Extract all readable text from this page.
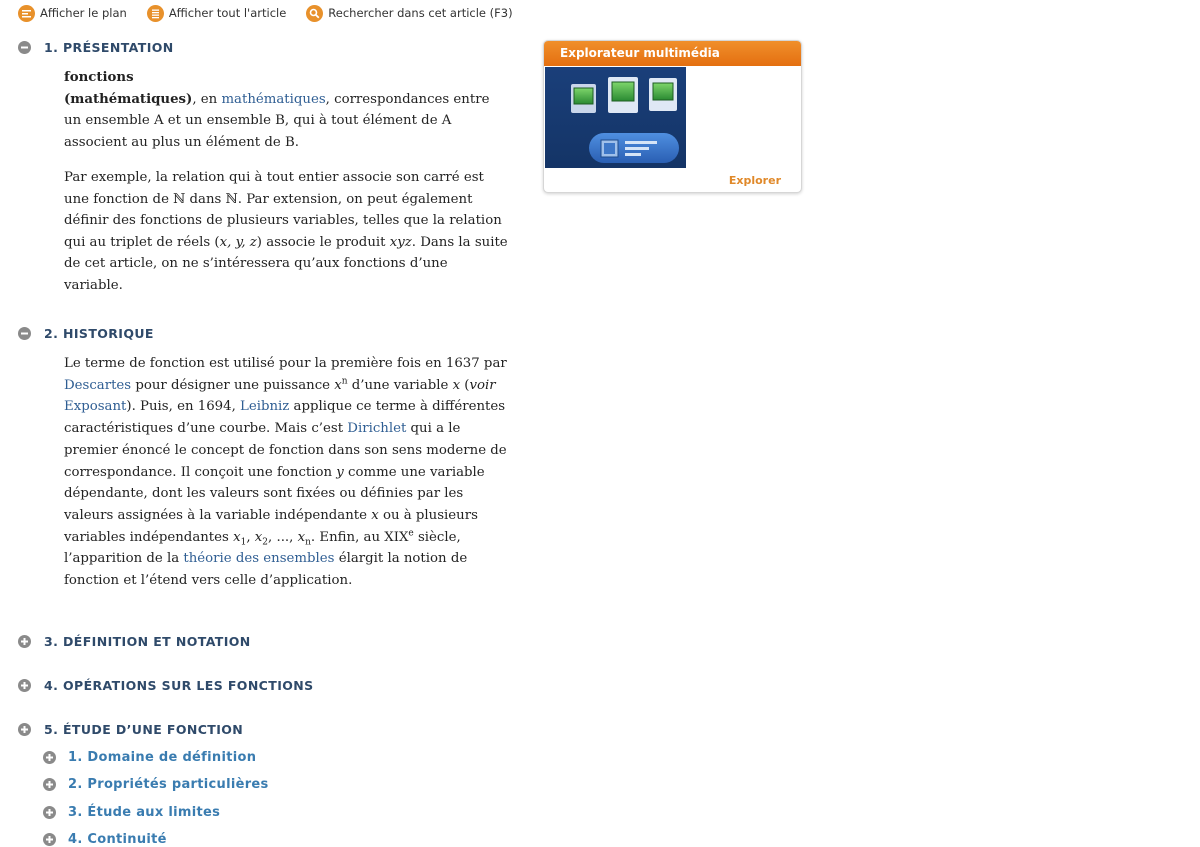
Afficher le plan	Afficher tout l'article	Rechercher dans cet article (F3)
1. PRÉSENTATION
fonctions
(mathématiques), en mathématiques, correspondances entre un ensemble A et un ensemble B, qui à tout élément de A associent au plus un élément de B.
Par exemple, la relation qui à tout entier associe son carré est une fonction de ℕ dans ℕ. Par extension, on peut également définir des fonctions de plusieurs variables, telles que la relation qui au triplet de réels (x, y, z) associe le produit xyz. Dans la suite de cet article, on ne s’intéressera qu’aux fonctions d’une variable.
2. HISTORIQUE
Le terme de fonction est utilisé pour la première fois en 1637 par Descartes pour désigner une puissance $x^n$ d’une variable x (voir Exposant). Puis, en 1694, Leibniz applique ce terme à différentes caractéristiques d’une courbe. Mais c’est Dirichlet qui a le premier énoncé le concept de fonction dans son sens moderne de correspondance. Il conçoit une fonction y comme une variable dépendante, dont les valeurs sont fixées ou définies par les valeurs assignées à la variable indépendante x ou à plusieurs variables indépendantes $x_1$, $x_2$, ..., $x_n$. Enfin, au XIXe siècle, l’apparition de la théorie des ensembles élargit la notion de fonction et l’étend vers celle d’application.
3. DÉFINITION ET NOTATION
4. OPÉRATIONS SUR LES FONCTIONS
5. ÉTUDE D’UNE FONCTION
1. Domaine de définition
2. Propriétés particulières
3. Étude aux limites
4. Continuité
Explorateur multimédia
Explorer
